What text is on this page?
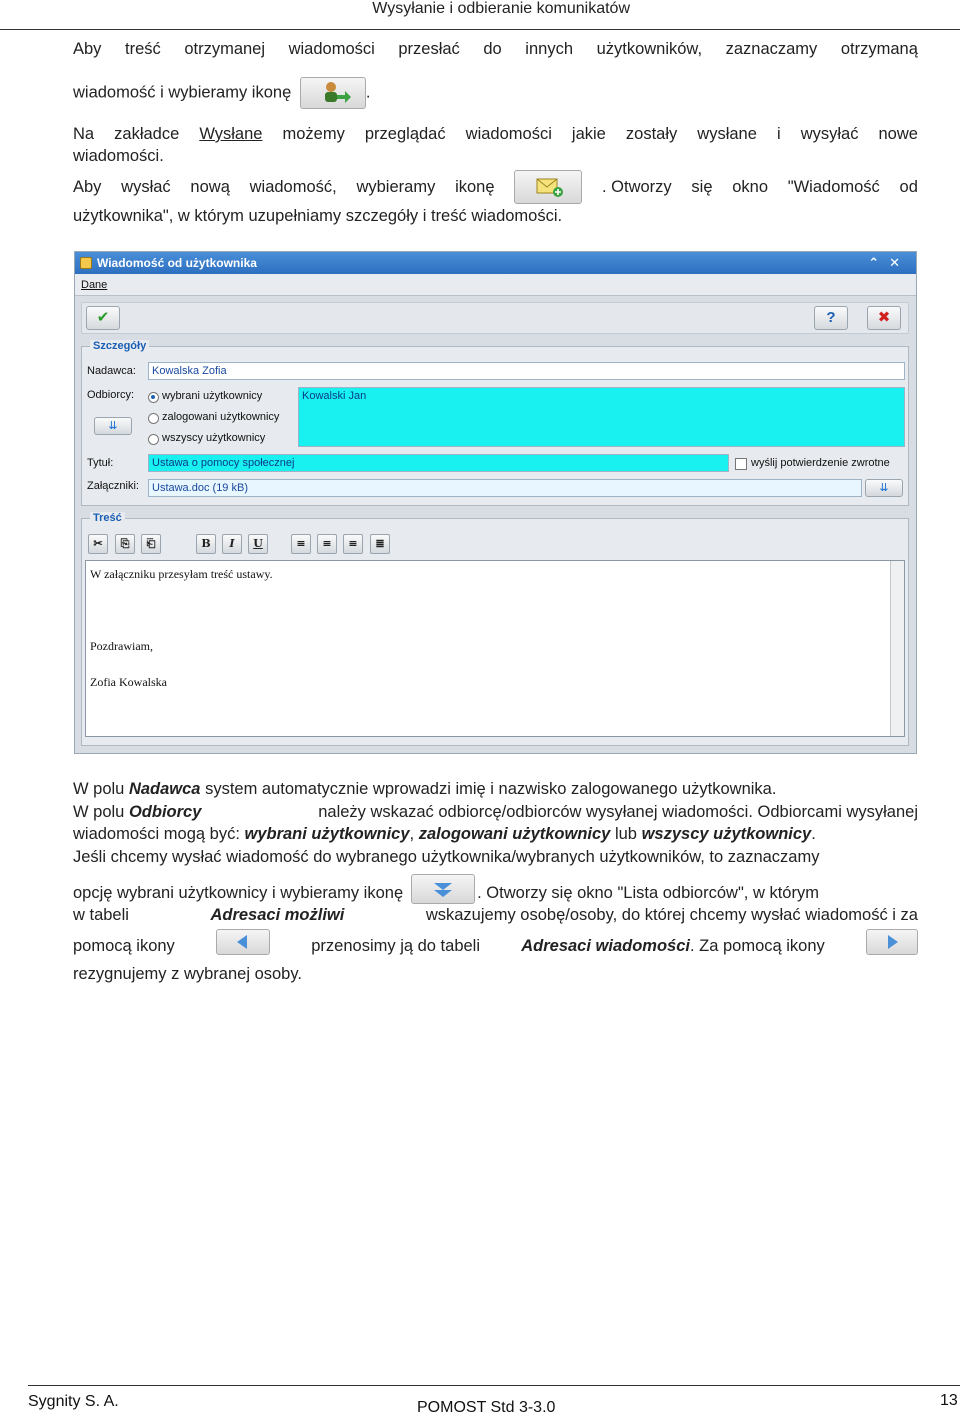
Wysyłanie i odbieranie komunikatów
Aby treść otrzymanej wiadomości przesłać do innych użytkowników, zaznaczamy otrzymaną
wiadomość i wybieramy ikonę	.
Na zakładce Wysłane możemy przeglądać wiadomości jakie zostały wysłane i wysyłać nowe
wiadomości.
Aby wysłać nową wiadomość, wybieramy ikonę	. Otworzy się okno "Wiadomość od
użytkownika", w którym uzupełniamy szczegóły i treść wiadomości.
Wiadomość od użytkownika	⌃✕
Dane
✔	?	✖
Szczegóły
Nadawca:	Kowalska Zofia
Odbiorcy:	wybrani użytkownicy
zalogowani użytkownicy
wszyscy użytkownicy
⇊
Kowalski Jan
Tytuł:	Ustawa o pomocy społecznej	wyślij potwierdzenie zwrotne
Załączniki:	Ustawa.doc (19 kB)	⇊
Treść
✂	⎘	⎗	B	I	U	≡	≡	≡	≣

W załączniku przesyłam treść ustawy.

Pozdrawiam,

Zofia Kowalska

W polu Nadawca system automatycznie wprowadzi imię i nazwisko zalogowanego użytkownika.
W polu Odbiorcy	należy wskazać odbiorcę/odbiorców wysyłanej wiadomości. Odbiorcami wysyłanej
wiadomości mogą być: wybrani użytkownicy, zalogowani użytkownicy lub wszyscy użytkownicy.
Jeśli chcemy wysłać wiadomość do wybranego użytkownika/wybranych użytkowników, to zaznaczamy
opcję wybrani użytkownicy i wybieramy ikonę	. Otworzy się okno "Lista odbiorców", w którym
w tabeli	Adresaci możliwi	wskazujemy osobę/osoby, do której chcemy wysłać wiadomość i za
pomocą ikony	przenosimy ją do tabeli Adresaci wiadomości. Za pomocą ikony
rezygnujemy z wybranej osoby.
Sygnity S. A.	POMOST Std 3-3.0	13
